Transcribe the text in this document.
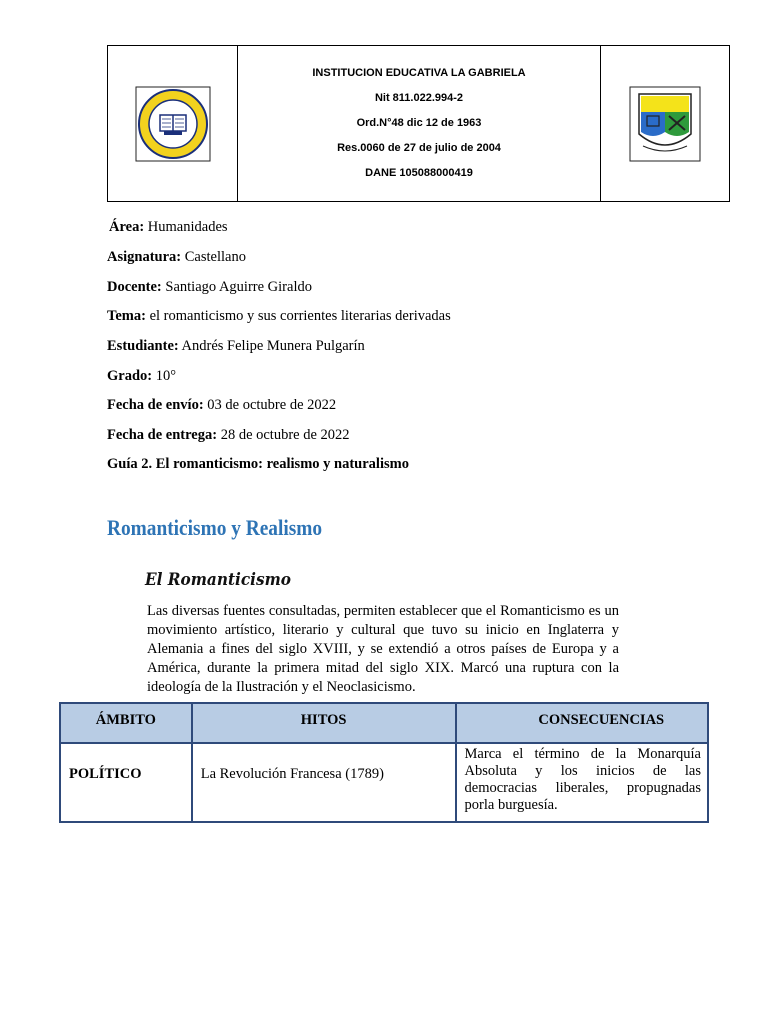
INSTITUCION EDUCATIVA LA GABRIELA
Nit 811.022.994-2
Ord.N°48 dic 12 de 1963
Res.0060 de 27 de julio de 2004
DANE 105088000419
Área: Humanidades
Asignatura: Castellano
Docente: Santiago Aguirre Giraldo
Tema: el romanticismo y sus corrientes literarias derivadas
Estudiante: Andrés Felipe Munera Pulgarín
Grado: 10°
Fecha de envío: 03 de octubre de 2022
Fecha de entrega: 28 de octubre de 2022
Guía 2. El romanticismo: realismo y naturalismo
Romanticismo y Realismo
El Romanticismo
Las diversas fuentes consultadas, permiten establecer que el Romanticismo es un movimiento artístico, literario y cultural que tuvo su inicio en Inglaterra y Alemania a fines del siglo XVIII, y se extendió a otros países de Europa y a América, durante la primera mitad del siglo XIX. Marcó una ruptura con la ideología de la Ilustración y el Neoclasicismo.
ÁMBITO	HITOS	CONSECUENCIAS
POLÍTICO	La Revolución Francesa (1789)	Marca el término de la Monarquía Absoluta y los inicios de las democracias liberales, propugnadas porla burguesía.
